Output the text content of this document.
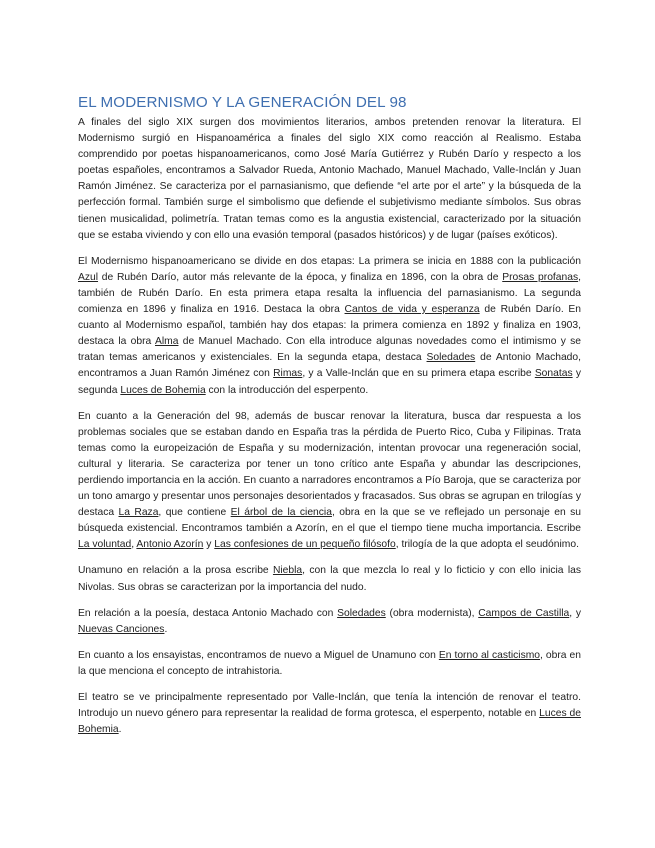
EL MODERNISMO Y LA GENERACIÓN DEL 98

A finales del siglo XIX surgen dos movimientos literarios, ambos pretenden renovar la literatura. El Modernismo surgió en Hispanoamérica a finales del siglo XIX como reacción al Realismo. Estaba comprendido por poetas hispanoamericanos, como José María Gutiérrez y Rubén Darío y respecto a los poetas españoles, encontramos a Salvador Rueda, Antonio Machado, Manuel Machado, Valle-Inclán y Juan Ramón Jiménez. Se caracteriza por el parnasianismo, que defiende “el arte por el arte” y la búsqueda de la perfección formal. También surge el simbolismo que defiende el subjetivismo mediante símbolos. Sus obras tienen musicalidad, polimetría. Tratan temas como es la angustia existencial, caracterizado por la situación que se estaba viviendo y con ello una evasión temporal (pasados históricos) y de lugar (países exóticos).

El Modernismo hispanoamericano se divide en dos etapas: La primera se inicia en 1888 con la publicación Azul de Rubén Darío, autor más relevante de la época, y finaliza en 1896, con la obra de Prosas profanas, también de Rubén Darío. En esta primera etapa resalta la influencia del parnasianismo. La segunda comienza en 1896 y finaliza en 1916. Destaca la obra Cantos de vida y esperanza de Rubén Darío. En cuanto al Modernismo español, también hay dos etapas: la primera comienza en 1892 y finaliza en 1903, destaca la obra Alma de Manuel Machado. Con ella introduce algunas novedades como el intimismo y se tratan temas americanos y existenciales. En la segunda etapa, destaca Soledades de Antonio Machado, encontramos a Juan Ramón Jiménez con Rimas, y a Valle-Inclán que en su primera etapa escribe Sonatas y segunda Luces de Bohemia con la introducción del esperpento.

En cuanto a la Generación del 98, además de buscar renovar la literatura, busca dar respuesta a los problemas sociales que se estaban dando en España tras la pérdida de Puerto Rico, Cuba y Filipinas. Trata temas como la europeización de España y su modernización, intentan provocar una regeneración social, cultural y literaria. Se caracteriza por tener un tono crítico ante España y abundar las descripciones, perdiendo importancia en la acción. En cuanto a narradores encontramos a Pío Baroja, que se caracteriza por un tono amargo y presentar unos personajes desorientados y fracasados. Sus obras se agrupan en trilogías y destaca La Raza, que contiene El árbol de la ciencia, obra en la que se ve reflejado un personaje en su búsqueda existencial. Encontramos también a Azorín, en el que el tiempo tiene mucha importancia. Escribe La voluntad, Antonio Azorín y Las confesiones de un pequeño filósofo, trilogía de la que adopta el seudónimo.

Unamuno en relación a la prosa escribe Niebla, con la que mezcla lo real y lo ficticio y con ello inicia las Nivolas. Sus obras se caracterizan por la importancia del nudo.

En relación a la poesía, destaca Antonio Machado con Soledades (obra modernista), Campos de Castilla, y Nuevas Canciones.

En cuanto a los ensayistas, encontramos de nuevo a Miguel de Unamuno con En torno al casticismo, obra en la que menciona el concepto de intrahistoria.

El teatro se ve principalmente representado por Valle-Inclán, que tenía la intención de renovar el teatro. Introdujo un nuevo género para representar la realidad de forma grotesca, el esperpento, notable en Luces de Bohemia.
